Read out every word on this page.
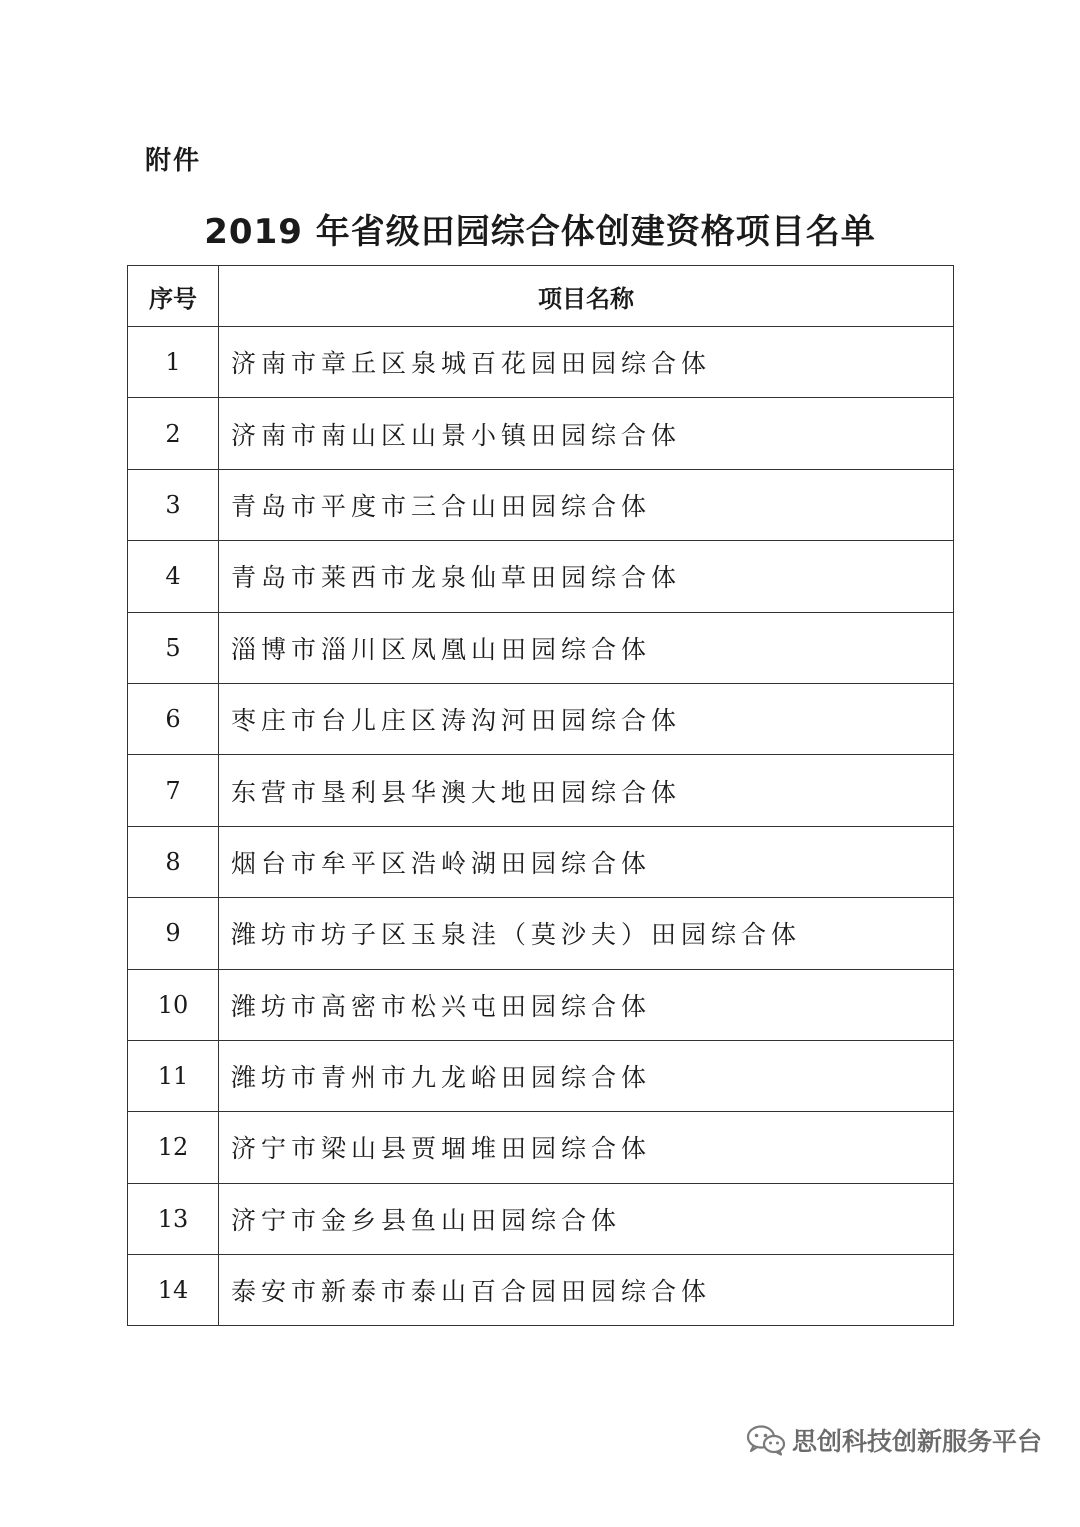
附件
2019 年省级田园综合体创建资格项目名单
序号	项目名称
1	济南市章丘区泉城百花园田园综合体
2	济南市南山区山景小镇田园综合体
3	青岛市平度市三合山田园综合体
4	青岛市莱西市龙泉仙草田园综合体
5	淄博市淄川区凤凰山田园综合体
6	枣庄市台儿庄区涛沟河田园综合体
7	东营市垦利县华澳大地田园综合体
8	烟台市牟平区浩岭湖田园综合体
9	潍坊市坊子区玉泉洼（莫沙夫）田园综合体
10	潍坊市高密市松兴屯田园综合体
11	潍坊市青州市九龙峪田园综合体
12	济宁市梁山县贾堌堆田园综合体
13	济宁市金乡县鱼山田园综合体
14	泰安市新泰市泰山百合园田园综合体
思创科技创新服务平台
